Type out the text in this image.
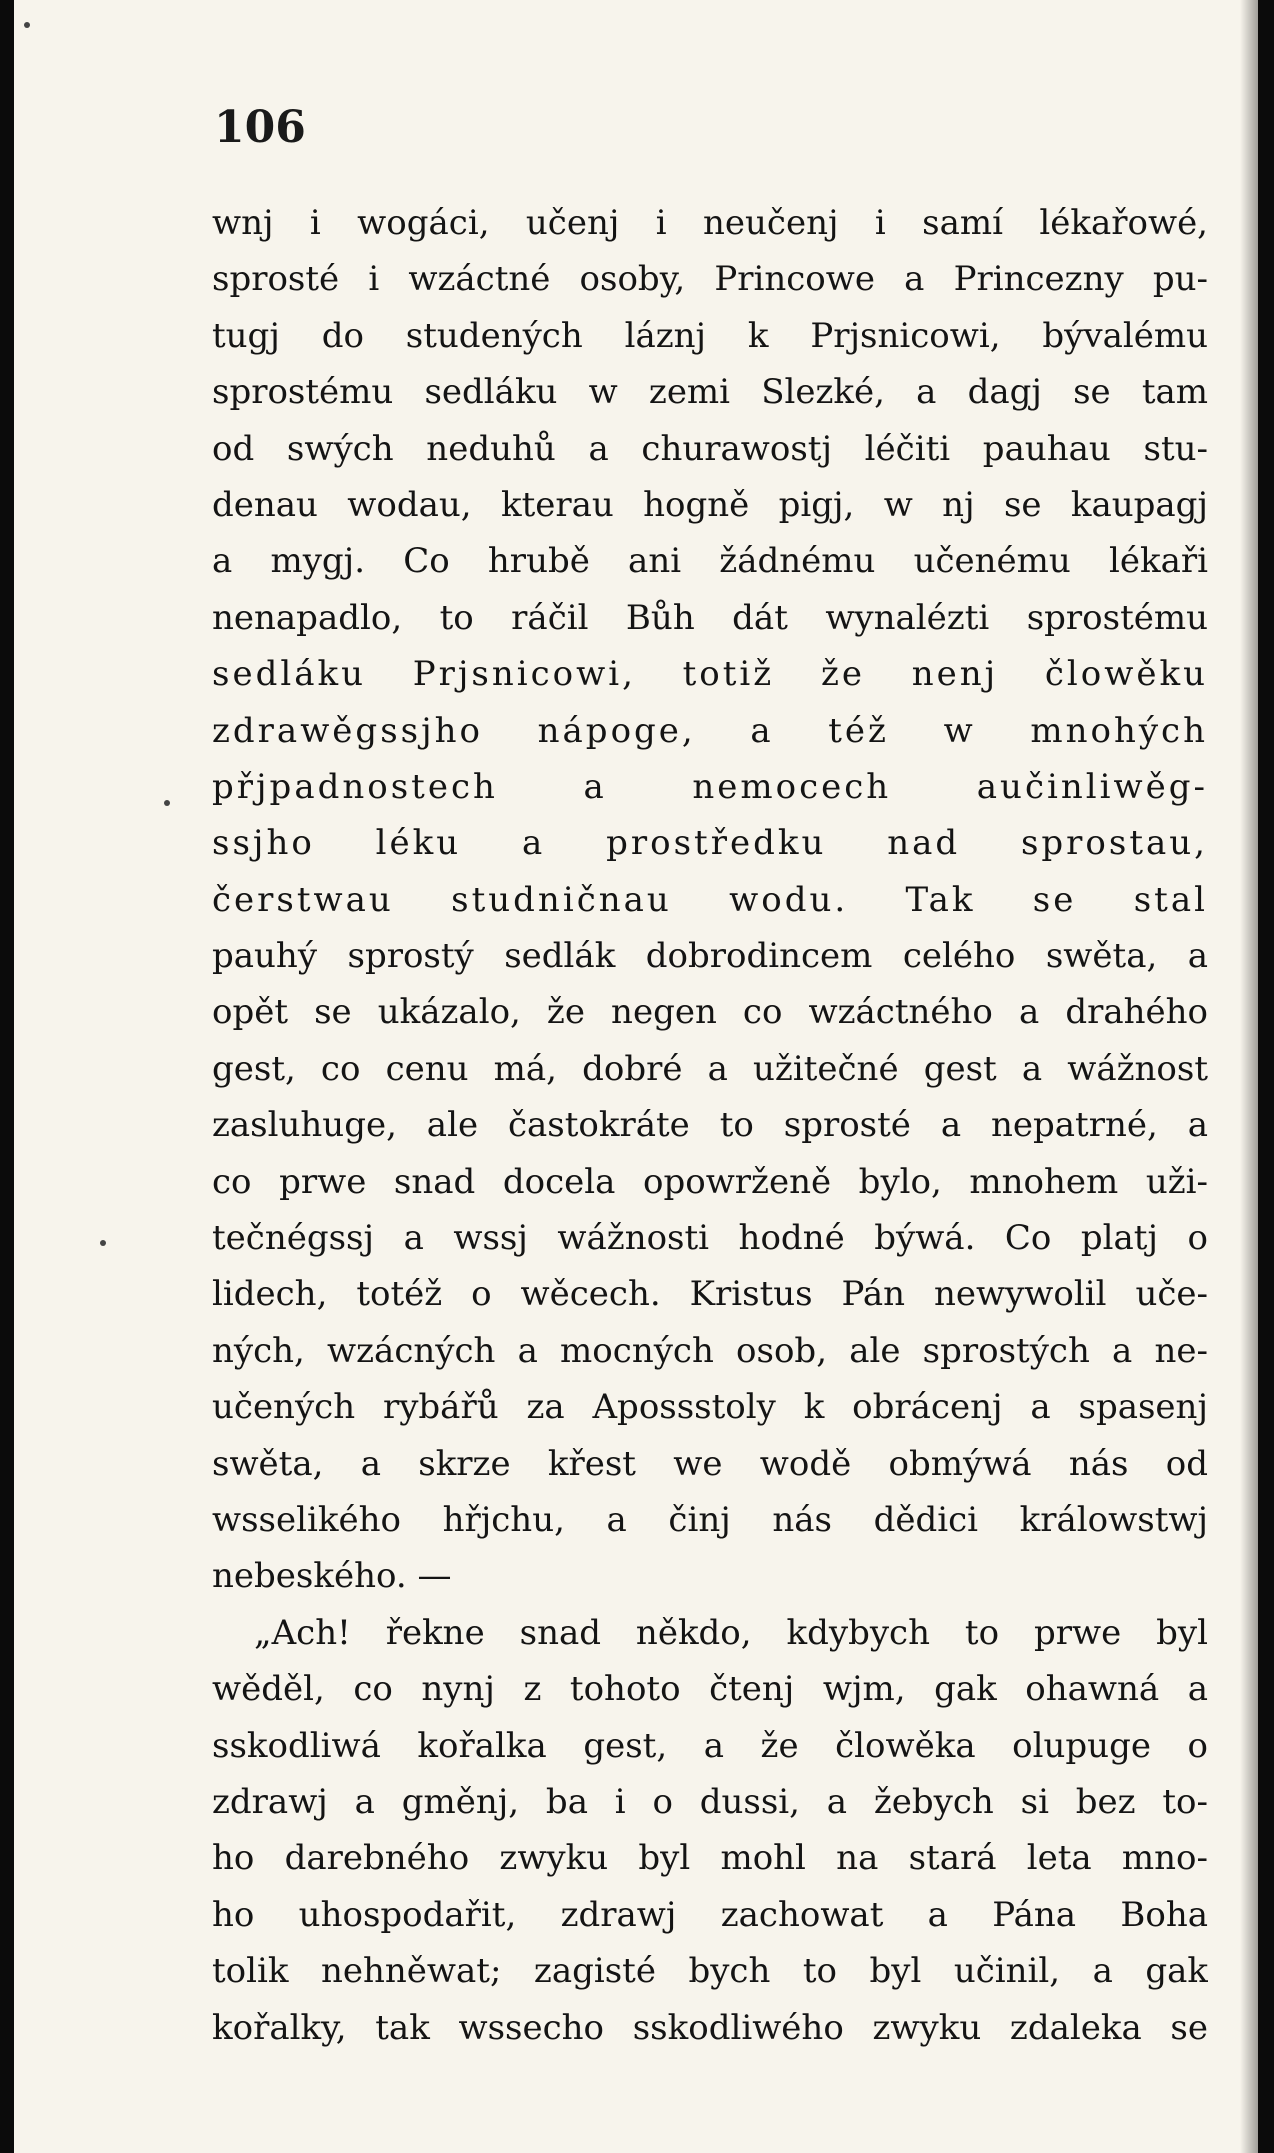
106
wnj i wogáci, učenj i neučenj i samí lékařowé,
sprosté i wzáctné osoby, Princowe a Princezny pu-
tugj do studených láznj k Prjsnicowi, bývalému
sprostému sedláku w zemi Slezké, a dagj se tam
od swých neduhů a churawostj léčiti pauhau stu-
denau wodau, kterau hogně pigj, w nj se kaupagj
a mygj. Co hrubě ani žádnému učenému lékaři
nenapadlo, to ráčil Bůh dát wynalézti sprostému
sedláku Prjsnicowi, totiž že nenj člowěku
zdrawěgssjho nápoge, a též w mnohých
přjpadnostech a nemocech aučinliwěg-
ssjho léku a prostředku nad sprostau,
čerstwau studničnau wodu. Tak se stal
pauhý sprostý sedlák dobrodincem celého swěta, a
opět se ukázalo, že negen co wzáctného a drahého
gest, co cenu má, dobré a užitečné gest a wážnost
zasluhuge, ale častokráte to sprosté a nepatrné, a
co prwe snad docela opowrženě bylo, mnohem uži-
tečnégssj a wssj wážnosti hodné býwá. Co platj o
lidech, totéž o wěcech. Kristus Pán newywolil uče-
ných, wzácných a mocných osob, ale sprostých a ne-
učených rybářů za Apossstoly k obrácenj a spasenj
swěta, a skrze křest we wodě obmýwá nás od
wsselikého hřjchu, a činj nás dědici králowstwj
nebeského. —
„Ach! řekne snad někdo, kdybych to prwe byl
wěděl, co nynj z tohoto čtenj wjm, gak ohawná a
sskodliwá kořalka gest, a že člowěka olupuge o
zdrawj a gměnj, ba i o dussi, a žebych si bez to-
ho darebného zwyku byl mohl na stará leta mno-
ho uhospodařit, zdrawj zachowat a Pána Boha
tolik nehněwat; zagisté bych to byl učinil, a gak
kořalky, tak wssecho sskodliwého zwyku zdaleka se
